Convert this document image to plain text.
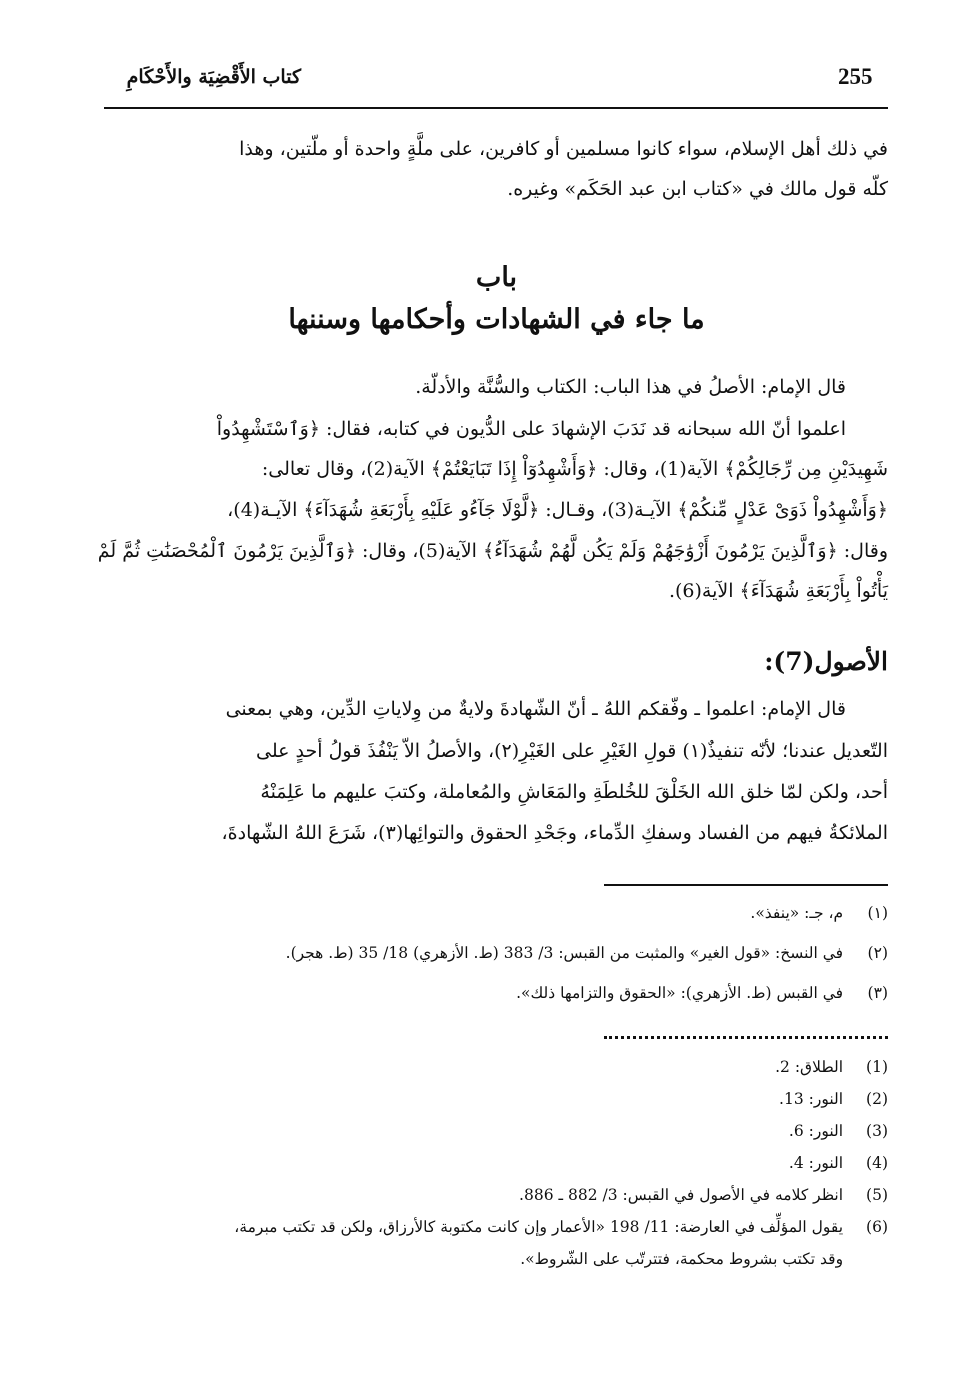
كتاب الأَقْضِيَة والأَحْكَامِ	255
في ذلك أهل الإسلام، سواء كانوا مسلمين أو كافرين، على ملَّةٍ واحدة أو ملّتين، وهذا
كلّه قول مالك في «كتاب ابن عبد الحَكَم» وغيره.
باب
ما جاء في الشهادات وأحكامها وسننها
قال الإمام: الأصلُ في هذا الباب: الكتاب والسُّنَّة والأدلّة.
اعلموا أنّ الله سبحانه قد نَدَبَ الإشهادَ على الدُّيون في كتابه، فقال: ﴿وَٱسْتَشْهِدُواْ
شَهِيدَيْنِ مِن رِّجَالِكُمْ﴾ الآية(1)، وقال: ﴿وَأَشْهِدُوٓاْ إِذَا تَبَايَعْتُمْ﴾ الآية(2)، وقال تعالى:
﴿وَأَشْهِدُواْ ذَوَىْ عَدْلٍ مِّنكُمْ﴾ الآيـة(3)، وقـال: ﴿لَّوْلَا جَآءُو عَلَيْهِ بِأَرْبَعَةِ شُهَدَآءَ﴾ الآيـة(4)،
وقال: ﴿وَٱلَّذِينَ يَرْمُونَ أَزْوَٰجَهُمْ وَلَمْ يَكُن لَّهُمْ شُهَدَآءُ﴾ الآية(5)، وقال: ﴿وَٱلَّذِينَ يَرْمُونَ ٱلْمُحْصَنَٰتِ ثُمَّ لَمْ
يَأْتُواْ بِأَرْبَعَةِ شُهَدَآءَ﴾ الآية(6).
الأصول(7):
قال الإمام: اعلموا ـ وفّقكم اللهُ ـ أنّ الشّهادةَ ولايةٌ من وِلاياتِ الدِّين، وهي بمعنى
التّعديل عندنا؛ لأنّه تنفيذٌ(١) قولِ الغَيْرِ على الغَيْرِ(٢)، والأصلُ الاّ يَنْفُذَ قولُ أحدٍ على
أحد، ولكن لمّا خلق الله الخَلْقَ للخُلطَةِ والمَعَاشِ والمُعاملة، وكتبَ عليهم ما عَلِمَنْهُ
الملائكةُ فيهم من الفساد وسفكِ الدِّماء، وجَحْدِ الحقوق والتوائِها(٣)، شَرَعَ اللهُ الشّهادةَ،
(١) م، جـ: «ينفذ».
(٢) في النسخ: «قول الغير» والمثبت من القبس: 3/ 383 (ط. الأزهري) 18/ 35 (ط. هجر).
(٣) في القبس (ط. الأزهري): «الحقوق والتزامها ذلك».
(1) الطلاق: 2.
(2) النور: 13.
(3) النور: 6.
(4) النور: 4.
(5) انظر كلامه في الأصول في القبس: 3/ 882 ـ 886.
(6) يقول المؤلِّف في العارضة: 11/ 198 «الأعمار وإن كانت مكتوبة كالأرزاق، ولكن قد تكتب مبرمة،
وقد تكتب بشروط محكمة، فتترتّب على الشّروط».
